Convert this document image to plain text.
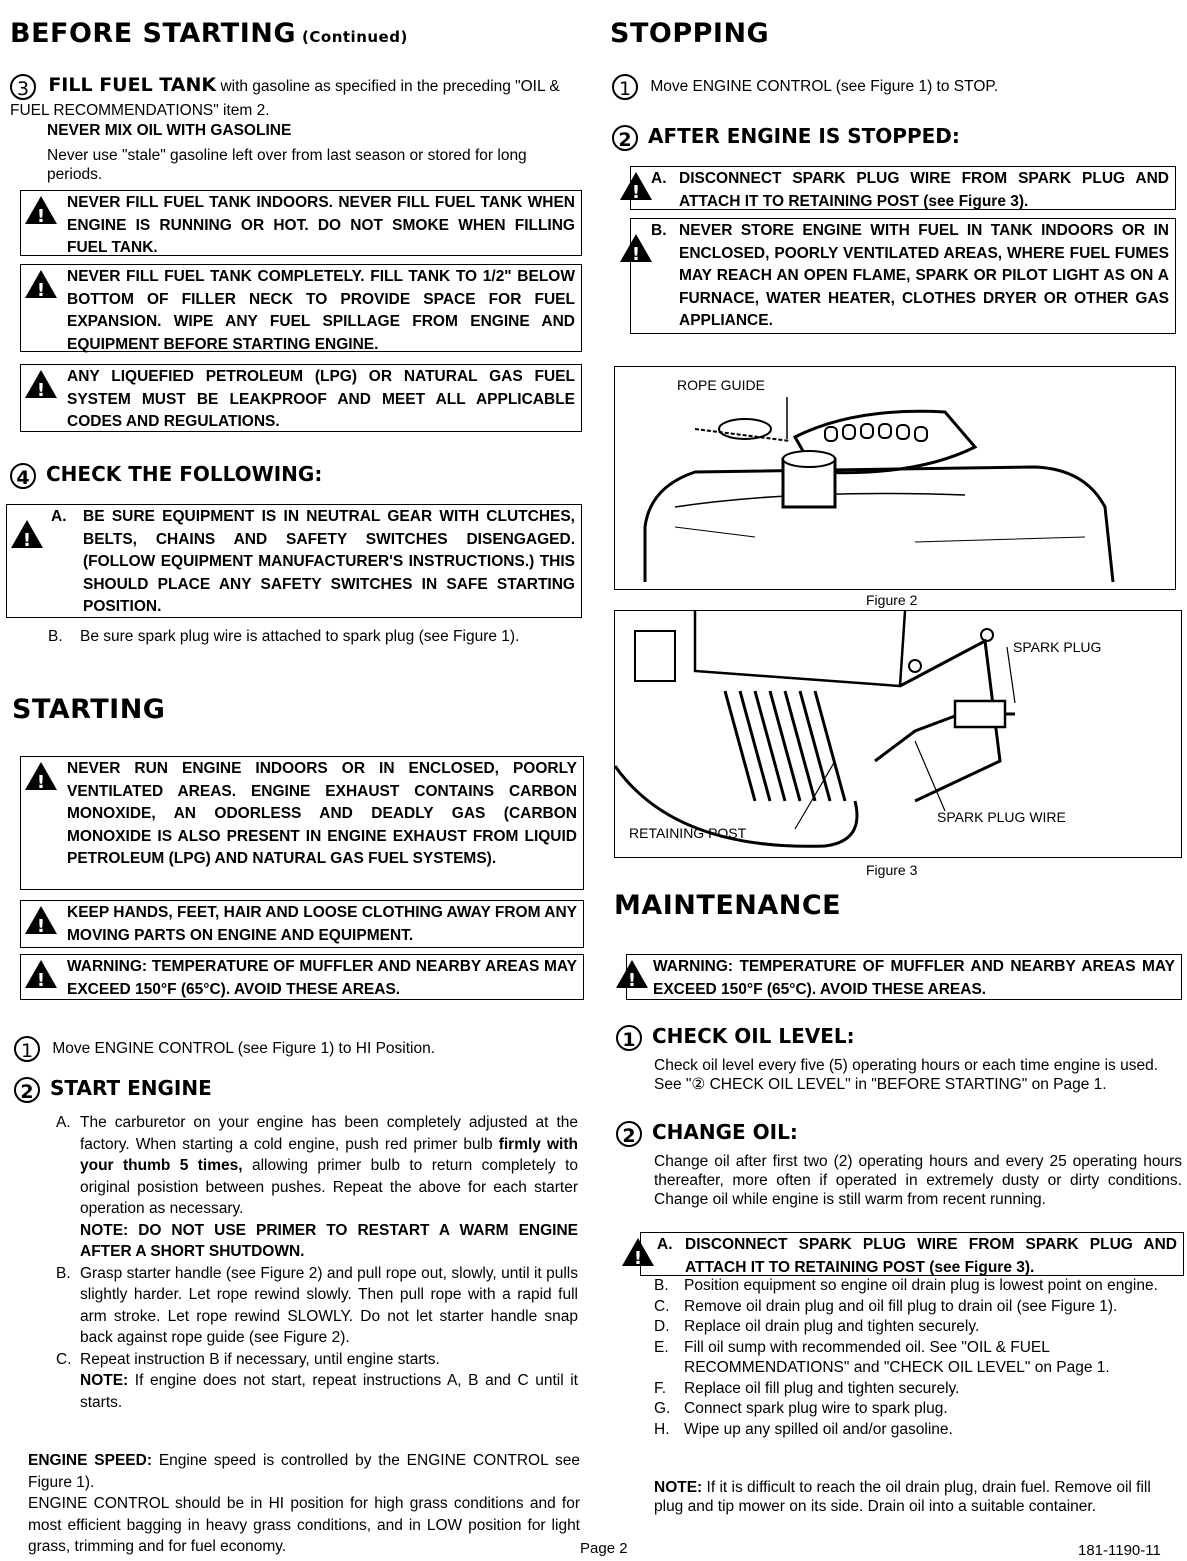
BEFORE STARTING (Continued)
3 FILL FUEL TANK with gasoline as specified in the preceding "OIL & FUEL RECOMMENDATIONS" item 2.
NEVER MIX OIL WITH GASOLINE
Never use "stale" gasoline left over from last season or stored for long periods.
!
NEVER FILL FUEL TANK INDOORS. NEVER FILL FUEL TANK WHEN ENGINE IS RUNNING OR HOT. DO NOT SMOKE WHEN FILLING FUEL TANK.
!
NEVER FILL FUEL TANK COMPLETELY. FILL TANK TO 1/2" BELOW BOTTOM OF FILLER NECK TO PROVIDE SPACE FOR FUEL EXPANSION. WIPE ANY FUEL SPILLAGE FROM ENGINE AND EQUIPMENT BEFORE STARTING ENGINE.
!
ANY LIQUEFIED PETROLEUM (LPG) OR NATURAL GAS FUEL SYSTEM MUST BE LEAKPROOF AND MEET ALL APPLICABLE CODES AND REGULATIONS.
4 CHECK THE FOLLOWING:
!
A. BE SURE EQUIPMENT IS IN NEUTRAL GEAR WITH CLUTCHES, BELTS, CHAINS AND SAFETY SWITCHES DISENGAGED. (FOLLOW EQUIPMENT MANUFACTURER'S INSTRUCTIONS.) THIS SHOULD PLACE ANY SAFETY SWITCHES IN SAFE STARTING POSITION.
B. Be sure spark plug wire is attached to spark plug (see Figure 1).
STARTING
!
NEVER RUN ENGINE INDOORS OR IN ENCLOSED, POORLY VENTILATED AREAS. ENGINE EXHAUST CONTAINS CARBON MONOXIDE, AN ODORLESS AND DEADLY GAS (CARBON MONOXIDE IS ALSO PRESENT IN ENGINE EXHAUST FROM LIQUID PETROLEUM (LPG) AND NATURAL GAS FUEL SYSTEMS).
!
KEEP HANDS, FEET, HAIR AND LOOSE CLOTHING AWAY FROM ANY MOVING PARTS ON ENGINE AND EQUIPMENT.
!
WARNING: TEMPERATURE OF MUFFLER AND NEARBY AREAS MAY EXCEED 150°F (65°C). AVOID THESE AREAS.
1 Move ENGINE CONTROL (see Figure 1) to HI Position.
2 START ENGINE
A. The carburetor on your engine has been completely adjusted at the factory. When starting a cold engine, push red primer bulb firmly with your thumb 5 times, allowing primer bulb to return completely to original posistion between pushes. Repeat the above for each starter operation as necessary.
NOTE: DO NOT USE PRIMER TO RESTART A WARM ENGINE AFTER A SHORT SHUTDOWN.
B. Grasp starter handle (see Figure 2) and pull rope out, slowly, until it pulls slightly harder. Let rope rewind slowly. Then pull rope with a rapid full arm stroke. Let rope rewind SLOWLY. Do not let starter handle snap back against rope guide (see Figure 2).
C. Repeat instruction B if necessary, until engine starts.
NOTE: If engine does not start, repeat instructions A, B and C until it starts.
ENGINE SPEED: Engine speed is controlled by the ENGINE CONTROL see Figure 1).
ENGINE CONTROL should be in HI position for high grass conditions and for most efficient bagging in heavy grass conditions, and in LOW position for light grass, trimming and for fuel economy.
STOPPING
1 Move ENGINE CONTROL (see Figure 1) to STOP.
2 AFTER ENGINE IS STOPPED:
!
A. DISCONNECT SPARK PLUG WIRE FROM SPARK PLUG AND ATTACH IT TO RETAINING POST (see Figure 3).
!
B. NEVER STORE ENGINE WITH FUEL IN TANK INDOORS OR IN ENCLOSED, POORLY VENTILATED AREAS, WHERE FUEL FUMES MAY REACH AN OPEN FLAME, SPARK OR PILOT LIGHT AS ON A FURNACE, WATER HEATER, CLOTHES DRYER OR OTHER GAS APPLIANCE.
ROPE GUIDE
Figure 2
SPARK PLUG
SPARK PLUG WIRE
RETAINING POST
Figure 3
MAINTENANCE
!
WARNING: TEMPERATURE OF MUFFLER AND NEARBY AREAS MAY EXCEED 150°F (65°C). AVOID THESE AREAS.
1 CHECK OIL LEVEL:
Check oil level every five (5) operating hours or each time engine is used. See "② CHECK OIL LEVEL" in "BEFORE STARTING" on Page 1.
2 CHANGE OIL:
Change oil after first two (2) operating hours and every 25 operating hours thereafter, more often if operated in extremely dusty or dirty conditions. Change oil while engine is still warm from recent running.
!
A. DISCONNECT SPARK PLUG WIRE FROM SPARK PLUG AND ATTACH IT TO RETAINING POST (see Figure 3).
B. Position equipment so engine oil drain plug is lowest point on engine.
C. Remove oil drain plug and oil fill plug to drain oil (see Figure 1).
D. Replace oil drain plug and tighten securely.
E. Fill oil sump with recommended oil. See "OIL & FUEL RECOMMENDATIONS" and "CHECK OIL LEVEL" on Page 1.
F. Replace oil fill plug and tighten securely.
G. Connect spark plug wire to spark plug.
H. Wipe up any spilled oil and/or gasoline.
NOTE: If it is difficult to reach the oil drain plug, drain fuel. Remove oil fill plug and tip mower on its side. Drain oil into a suitable container.
Page 2	181-1190-11
